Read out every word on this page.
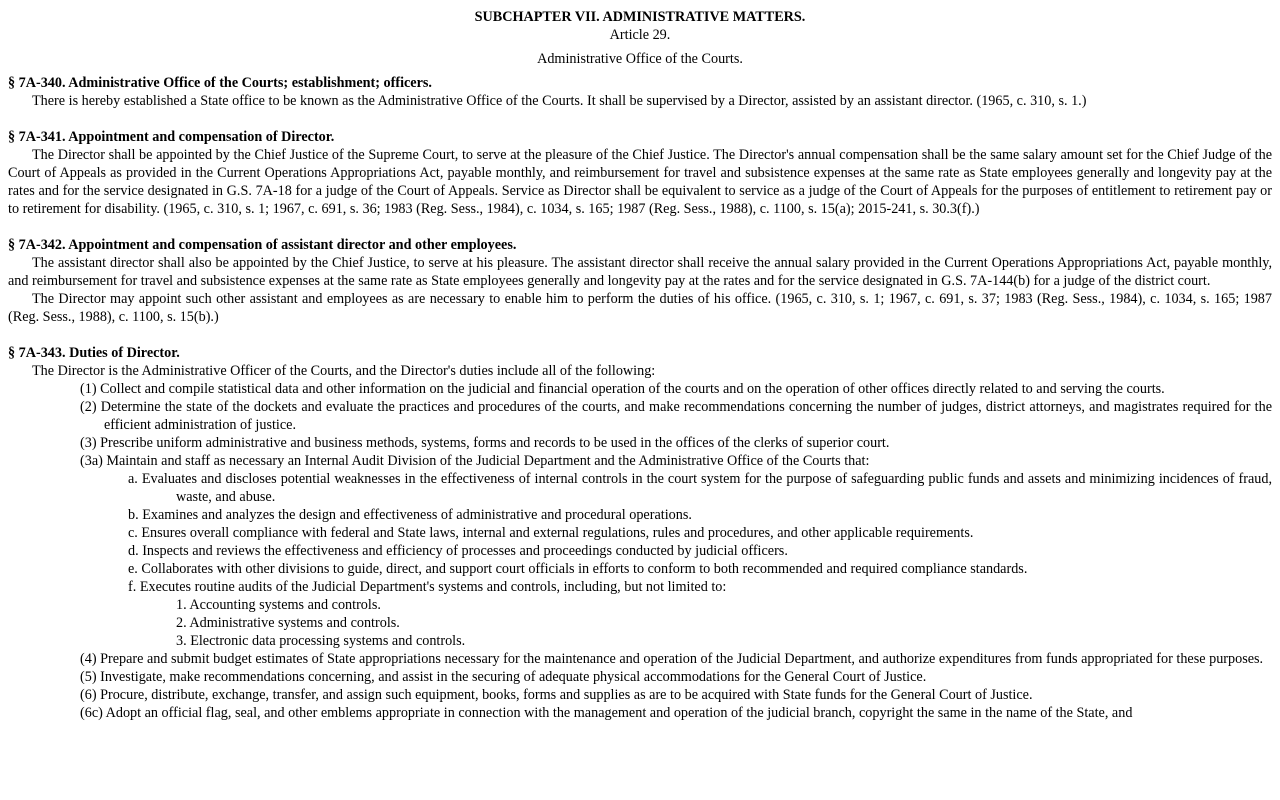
SUBCHAPTER VII. ADMINISTRATIVE MATTERS.

Article 29.

Administrative Office of the Courts.

§ 7A-340. Administrative Office of the Courts; establishment; officers.

There is hereby established a State office to be known as the Administrative Office of the Courts. It shall be supervised by a Director, assisted by an assistant director. (1965, c. 310, s. 1.)

§ 7A-341. Appointment and compensation of Director.

The Director shall be appointed by the Chief Justice of the Supreme Court, to serve at the pleasure of the Chief Justice. The Director's annual compensation shall be the same salary amount set for the Chief Judge of the Court of Appeals as provided in the Current Operations Appropriations Act, payable monthly, and reimbursement for travel and subsistence expenses at the same rate as State employees generally and longevity pay at the rates and for the service designated in G.S. 7A-18 for a judge of the Court of Appeals. Service as Director shall be equivalent to service as a judge of the Court of Appeals for the purposes of entitlement to retirement pay or to retirement for disability. (1965, c. 310, s. 1; 1967, c. 691, s. 36; 1983 (Reg. Sess., 1984), c. 1034, s. 165; 1987 (Reg. Sess., 1988), c. 1100, s. 15(a); 2015-241, s. 30.3(f).)

§ 7A-342. Appointment and compensation of assistant director and other employees.

The assistant director shall also be appointed by the Chief Justice, to serve at his pleasure. The assistant director shall receive the annual salary provided in the Current Operations Appropriations Act, payable monthly, and reimbursement for travel and subsistence expenses at the same rate as State employees generally and longevity pay at the rates and for the service designated in G.S. 7A-144(b) for a judge of the district court.

The Director may appoint such other assistant and employees as are necessary to enable him to perform the duties of his office. (1965, c. 310, s. 1; 1967, c. 691, s. 37; 1983 (Reg. Sess., 1984), c. 1034, s. 165; 1987 (Reg. Sess., 1988), c. 1100, s. 15(b).)

§ 7A-343. Duties of Director.

The Director is the Administrative Officer of the Courts, and the Director's duties include all of the following:

(1) Collect and compile statistical data and other information on the judicial and financial operation of the courts and on the operation of other offices directly related to and serving the courts.

(2) Determine the state of the dockets and evaluate the practices and procedures of the courts, and make recommendations concerning the number of judges, district attorneys, and magistrates required for the efficient administration of justice.

(3) Prescribe uniform administrative and business methods, systems, forms and records to be used in the offices of the clerks of superior court.

(3a) Maintain and staff as necessary an Internal Audit Division of the Judicial Department and the Administrative Office of the Courts that:

a. Evaluates and discloses potential weaknesses in the effectiveness of internal controls in the court system for the purpose of safeguarding public funds and assets and minimizing incidences of fraud, waste, and abuse.

b. Examines and analyzes the design and effectiveness of administrative and procedural operations.

c. Ensures overall compliance with federal and State laws, internal and external regulations, rules and procedures, and other applicable requirements.

d. Inspects and reviews the effectiveness and efficiency of processes and proceedings conducted by judicial officers.

e. Collaborates with other divisions to guide, direct, and support court officials in efforts to conform to both recommended and required compliance standards.

f. Executes routine audits of the Judicial Department's systems and controls, including, but not limited to:

1. Accounting systems and controls.

2. Administrative systems and controls.

3. Electronic data processing systems and controls.

(4) Prepare and submit budget estimates of State appropriations necessary for the maintenance and operation of the Judicial Department, and authorize expenditures from funds appropriated for these purposes.

(5) Investigate, make recommendations concerning, and assist in the securing of adequate physical accommodations for the General Court of Justice.

(6) Procure, distribute, exchange, transfer, and assign such equipment, books, forms and supplies as are to be acquired with State funds for the General Court of Justice.

(6c) Adopt an official flag, seal, and other emblems appropriate in connection with the management and operation of the judicial branch, copyright the same in the name of the State, and
